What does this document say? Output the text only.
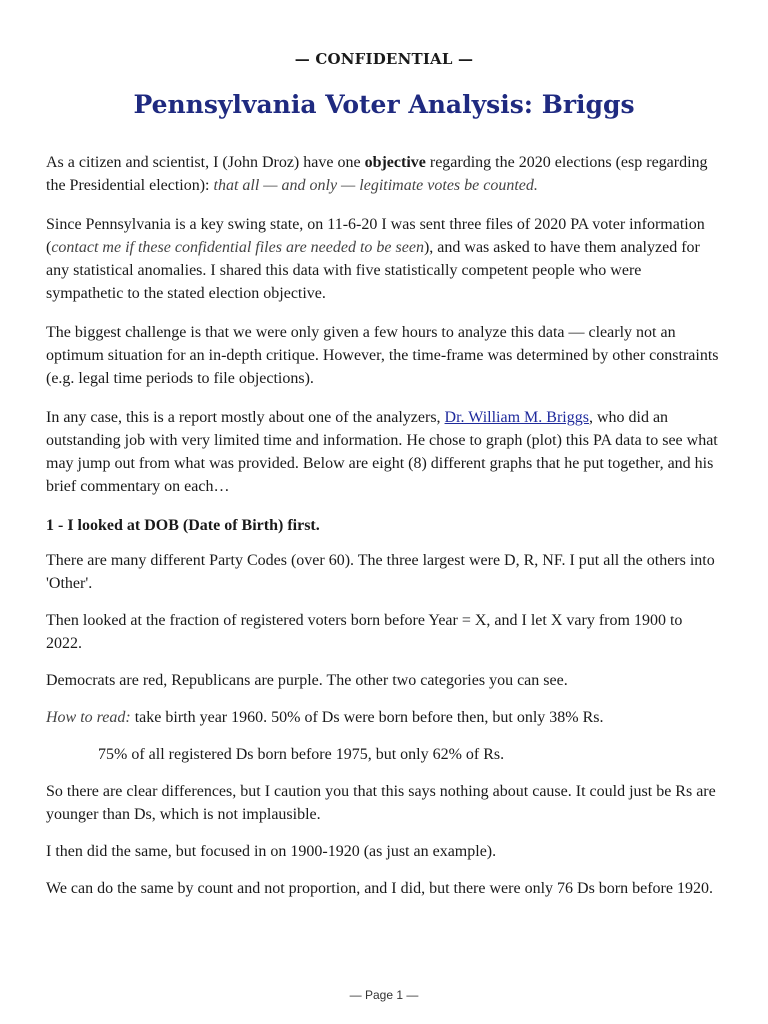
— CONFIDENTIAL —
Pennsylvania Voter Analysis: Briggs

As a citizen and scientist, I (John Droz) have one objective regarding the 2020 elections (esp regarding the Presidential election): that all — and only — legitimate votes be counted.

Since Pennsylvania is a key swing state, on 11-6-20 I was sent three files of 2020 PA voter information (contact me if these confidential files are needed to be seen), and was asked to have them analyzed for any statistical anomalies. I shared this data with five statistically competent people who were sympathetic to the stated election objective.

The biggest challenge is that we were only given a few hours to analyze this data — clearly not an optimum situation for an in-depth critique. However, the time-frame was determined by other constraints (e.g. legal time periods to file objections).

In any case, this is a report mostly about one of the analyzers, Dr. William M. Briggs, who did an outstanding job with very limited time and information. He chose to graph (plot) this PA data to see what may jump out from what was provided. Below are eight (8) different graphs that he put together, and his brief commentary on each…

1 - I looked at DOB (Date of Birth) first.

There are many different Party Codes (over 60). The three largest were D, R, NF. I put all the others into 'Other'.

Then looked at the fraction of registered voters born before Year = X, and I let X vary from 1900 to 2022.

Democrats are red, Republicans are purple. The other two categories you can see.

How to read: take birth year 1960. 50% of Ds were born before then, but only 38% Rs.

75% of all registered Ds born before 1975, but only 62% of Rs.

So there are clear differences, but I caution you that this says nothing about cause. It could just be Rs are younger than Ds, which is not implausible.

I then did the same, but focused in on 1900-1920 (as just an example).

We can do the same by count and not proportion, and I did, but there were only 76 Ds born before 1920.

— Page 1 —
